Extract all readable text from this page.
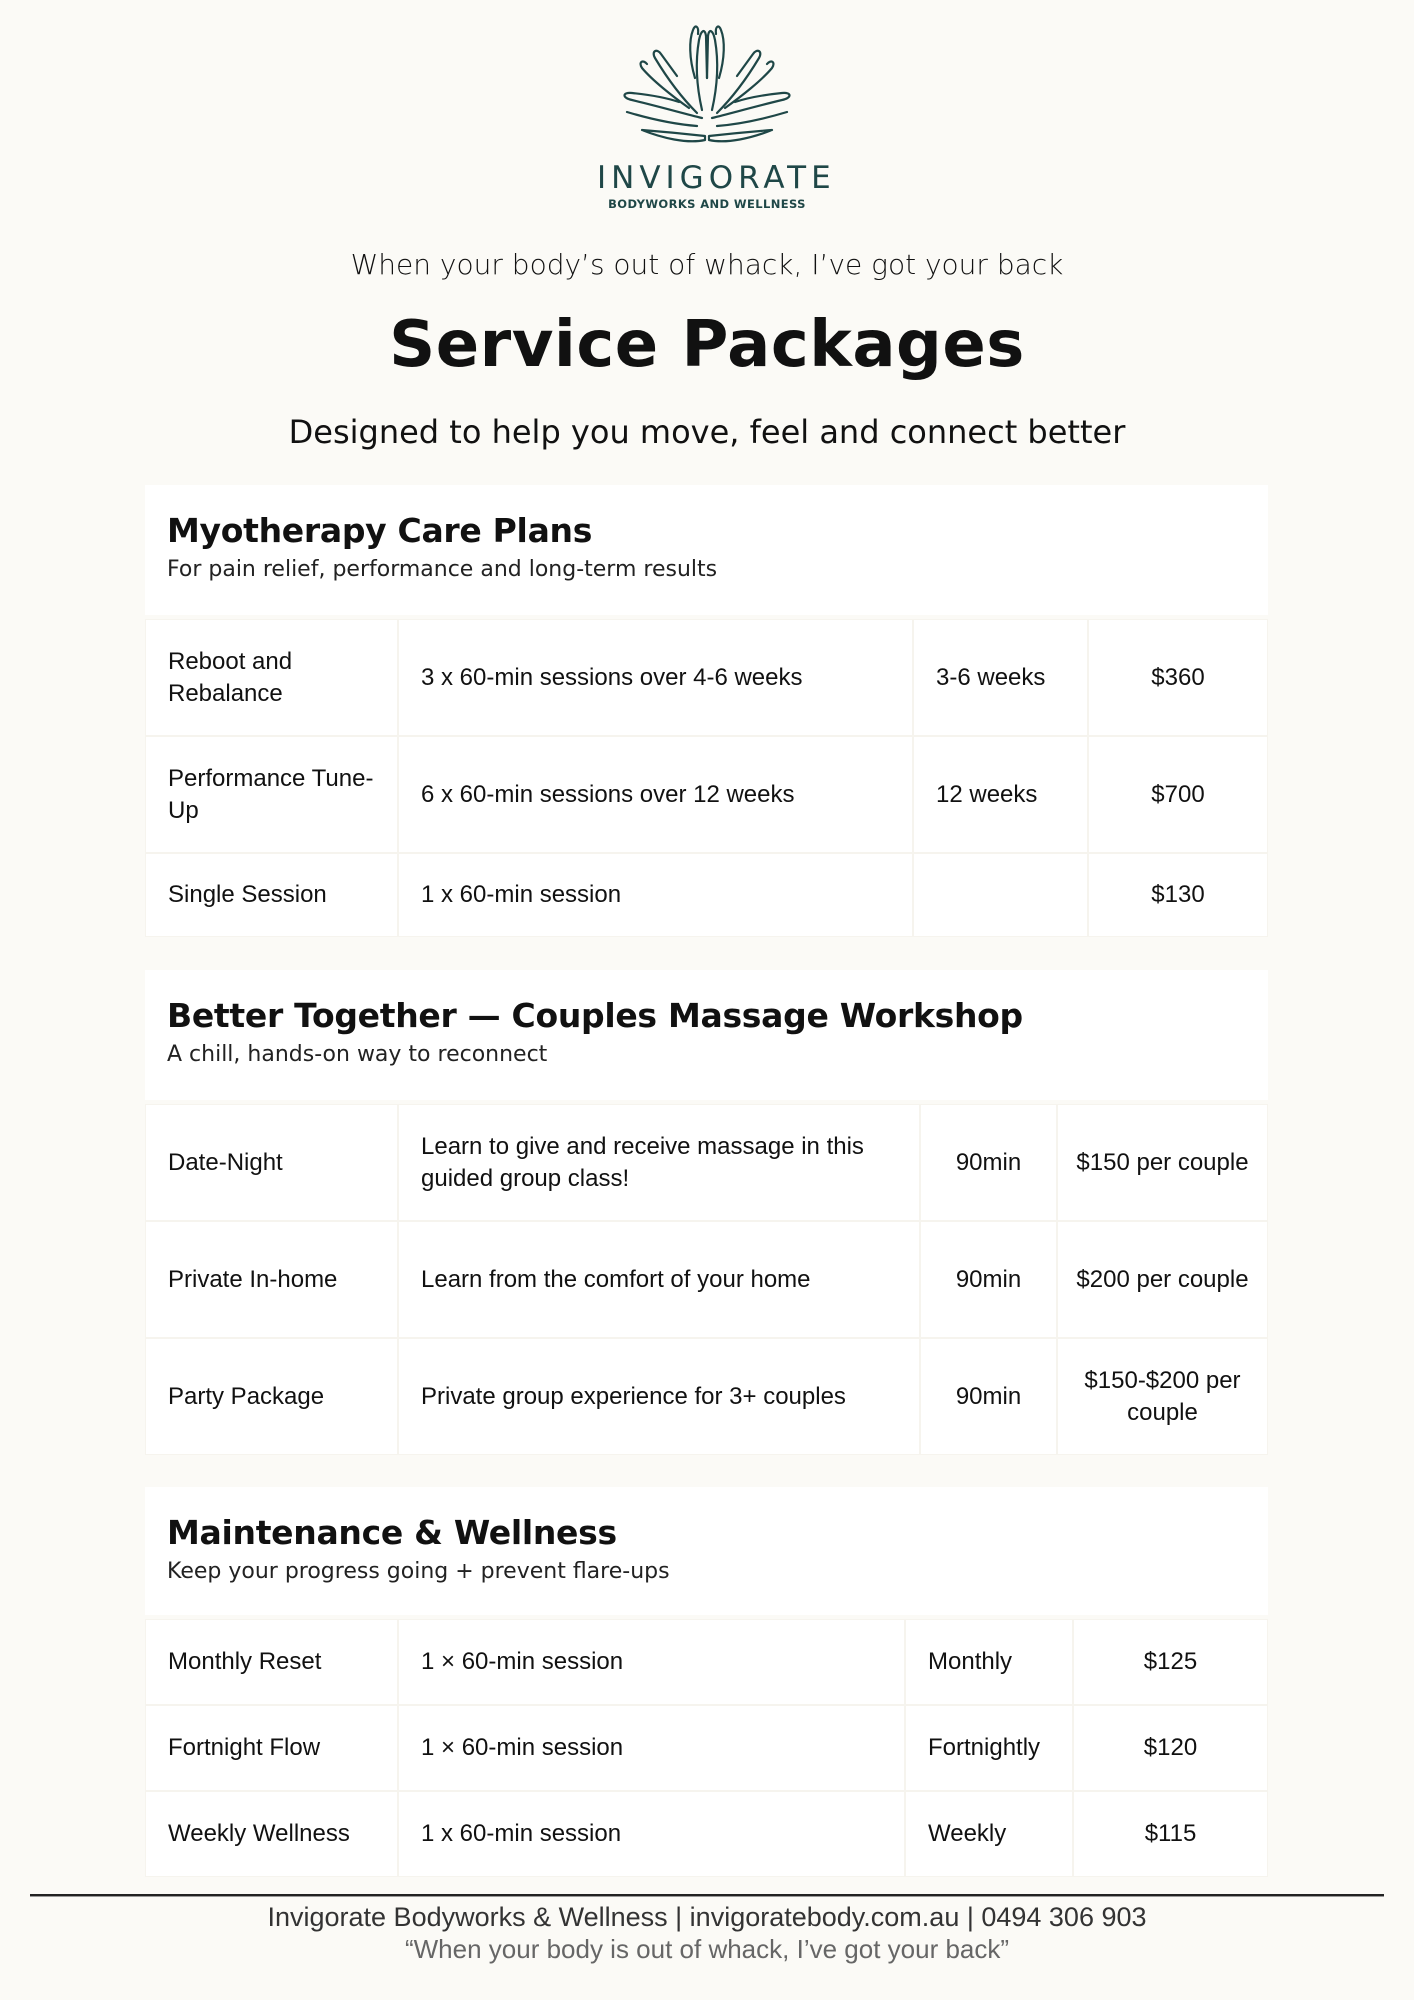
INVIGORATE
BODYWORKS AND WELLNESS
When your body’s out of whack, I’ve got your back
Service Packages
Designed to help you move, feel and connect better
Myotherapy Care Plans

For pain relief, performance and long-term results

Reboot and Rebalance	3 x 60-min sessions over 4-6 weeks	3-6 weeks	$360
Performance Tune-Up	6 x 60-min sessions over 12 weeks	12 weeks	$700
Single Session	1 x 60-min session		$130
Better Together — Couples Massage Workshop

A chill, hands-on way to reconnect

Date-Night	Learn to give and receive massage in this guided group class!	90min	$150 per couple
Private In-home	Learn from the comfort of your home	90min	$200 per couple
Party Package	Private group experience for 3+ couples	90min	$150-$200 per couple
Maintenance & Wellness

Keep your progress going + prevent flare-ups

Monthly Reset	1 × 60-min session	Monthly	$125
Fortnight Flow	1 × 60-min session	Fortnightly	$120
Weekly Wellness	1 x 60-min session	Weekly	$115
Invigorate Bodyworks & Wellness | invigoratebody.com.au | 0494 306 903
“When your body is out of whack, I’ve got your back”
